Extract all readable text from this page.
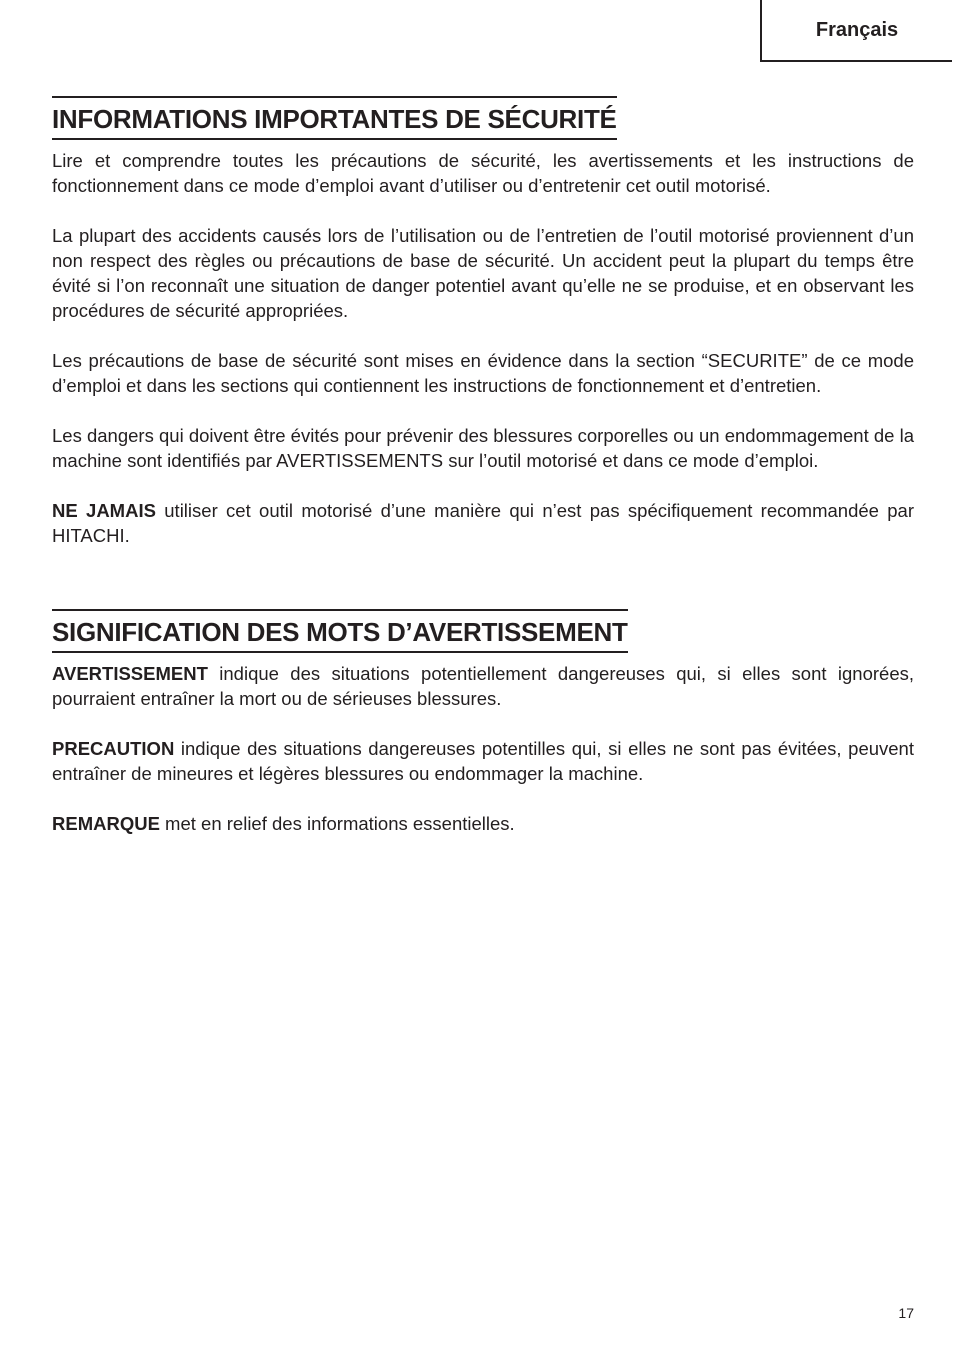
Français
INFORMATIONS IMPORTANTES DE SÉCURITÉ

Lire et comprendre toutes les précautions de sécurité, les avertissements et les instructions de fonctionnement dans ce mode d’emploi avant d’utiliser ou d’entretenir cet outil motorisé.

La plupart des accidents causés lors de l’utilisation ou de l’entretien de l’outil motorisé proviennent d’un non respect des règles ou précautions de base de sécurité. Un accident peut la plupart du temps être évité si l’on reconnaît une situation de danger potentiel avant qu’elle ne se produise, et en observant les procédures de sécurité appropriées.

Les précautions de base de sécurité sont mises en évidence dans la section “SECURITE” de ce mode d’emploi et dans les sections qui contiennent les instructions de fonctionnement et d’entretien.

Les dangers qui doivent être évités pour prévenir des blessures corporelles ou un endommagement de la machine sont identifiés par AVERTISSEMENTS sur l’outil motorisé et dans ce mode d’emploi.

NE JAMAIS utiliser cet outil motorisé d’une manière qui n’est pas spécifiquement recommandée par HITACHI.

SIGNIFICATION DES MOTS D’AVERTISSEMENT

AVERTISSEMENT indique des situations potentiellement dangereuses qui, si elles sont ignorées, pourraient entraîner la mort ou de sérieuses blessures.

PRECAUTION indique des situations dangereuses potentilles qui, si elles ne sont pas évitées, peuvent entraîner de mineures et légères blessures ou endommager la machine.

REMARQUE met en relief des informations essentielles.

17
